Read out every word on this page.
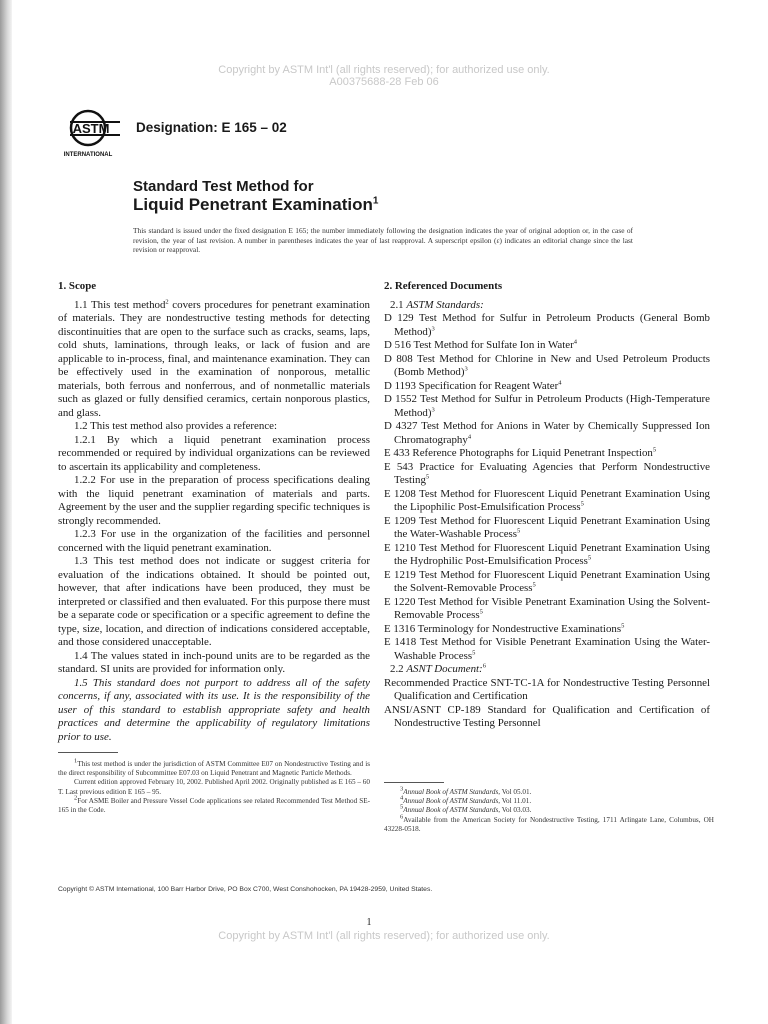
Copyright by ASTM Int'l (all rights reserved); for authorized use only.
A00375688-28 Feb 06
ASTM
INTERNATIONAL
Designation: E 165 – 02
Standard Test Method for
Liquid Penetrant Examination$^1$
This standard is issued under the fixed designation E 165; the number immediately following the designation indicates the year of original adoption or, in the case of revision, the year of last revision. A number in parentheses indicates the year of last reapproval. A superscript epsilon (ε) indicates an editorial change since the last revision or reapproval.

1. Scope

1.1 This test method$^2$ covers procedures for penetrant examination of materials. They are nondestructive testing methods for detecting discontinuities that are open to the surface such as cracks, seams, laps, cold shuts, laminations, through leaks, or lack of fusion and are applicable to in-process, final, and maintenance examination. They can be effectively used in the examination of nonporous, metallic materials, both ferrous and nonferrous, and of nonmetallic materials such as glazed or fully densified ceramics, certain nonporous plastics, and glass.

1.2 This test method also provides a reference:

1.2.1 By which a liquid penetrant examination process recommended or required by individual organizations can be reviewed to ascertain its applicability and completeness.

1.2.2 For use in the preparation of process specifications dealing with the liquid penetrant examination of materials and parts. Agreement by the user and the supplier regarding specific techniques is strongly recommended.

1.2.3 For use in the organization of the facilities and personnel concerned with the liquid penetrant examination.

1.3 This test method does not indicate or suggest criteria for evaluation of the indications obtained. It should be pointed out, however, that after indications have been produced, they must be interpreted or classified and then evaluated. For this purpose there must be a separate code or specification or a specific agreement to define the type, size, location, and direction of indications considered acceptable, and those considered unacceptable.

1.4 The values stated in inch-pound units are to be regarded as the standard. SI units are provided for information only.

1.5 This standard does not purport to address all of the safety concerns, if any, associated with its use. It is the responsibility of the user of this standard to establish appropriate safety and health practices and determine the applicability of regulatory limitations prior to use.

$^1$This test method is under the jurisdiction of ASTM Committee E07 on Nondestructive Testing and is the direct responsibility of Subcommittee E07.03 on Liquid Penetrant and Magnetic Particle Methods.

Current edition approved February 10, 2002. Published April 2002. Originally published as E 165 – 60 T. Last previous edition E 165 – 95.

$^2$For ASME Boiler and Pressure Vessel Code applications see related Recommended Test Method SE-165 in the Code.

2. Referenced Documents

2.1 ASTM Standards:

D 129 Test Method for Sulfur in Petroleum Products (General Bomb Method)$^3$

D 516 Test Method for Sulfate Ion in Water$^4$

D 808 Test Method for Chlorine in New and Used Petroleum Products (Bomb Method)$^3$

D 1193 Specification for Reagent Water$^4$

D 1552 Test Method for Sulfur in Petroleum Products (High-Temperature Method)$^3$

D 4327 Test Method for Anions in Water by Chemically Suppressed Ion Chromatography$^4$

E 433 Reference Photographs for Liquid Penetrant Inspection$^5$

E 543 Practice for Evaluating Agencies that Perform Nondestructive Testing$^5$

E 1208 Test Method for Fluorescent Liquid Penetrant Examination Using the Lipophilic Post-Emulsification Process$^5$

E 1209 Test Method for Fluorescent Liquid Penetrant Examination Using the Water-Washable Process$^5$

E 1210 Test Method for Fluorescent Liquid Penetrant Examination Using the Hydrophilic Post-Emulsification Process$^5$

E 1219 Test Method for Fluorescent Liquid Penetrant Examination Using the Solvent-Removable Process$^5$

E 1220 Test Method for Visible Penetrant Examination Using the Solvent-Removable Process$^5$

E 1316 Terminology for Nondestructive Examinations$^5$

E 1418 Test Method for Visible Penetrant Examination Using the Water-Washable Process$^5$

2.2 ASNT Document:$^6$

Recommended Practice SNT-TC-1A for Nondestructive Testing Personnel Qualification and Certification

ANSI/ASNT CP-189 Standard for Qualification and Certification of Nondestructive Testing Personnel

$^3$Annual Book of ASTM Standards, Vol 05.01.

$^4$Annual Book of ASTM Standards, Vol 11.01.

$^5$Annual Book of ASTM Standards, Vol 03.03.

$^6$Available from the American Society for Nondestructive Testing, 1711 Arlingate Lane, Columbus, OH 43228-0518.

Copyright © ASTM International, 100 Barr Harbor Drive, PO Box C700, West Conshohocken, PA 19428-2959, United States.
1
Copyright by ASTM Int'l (all rights reserved); for authorized use only.
